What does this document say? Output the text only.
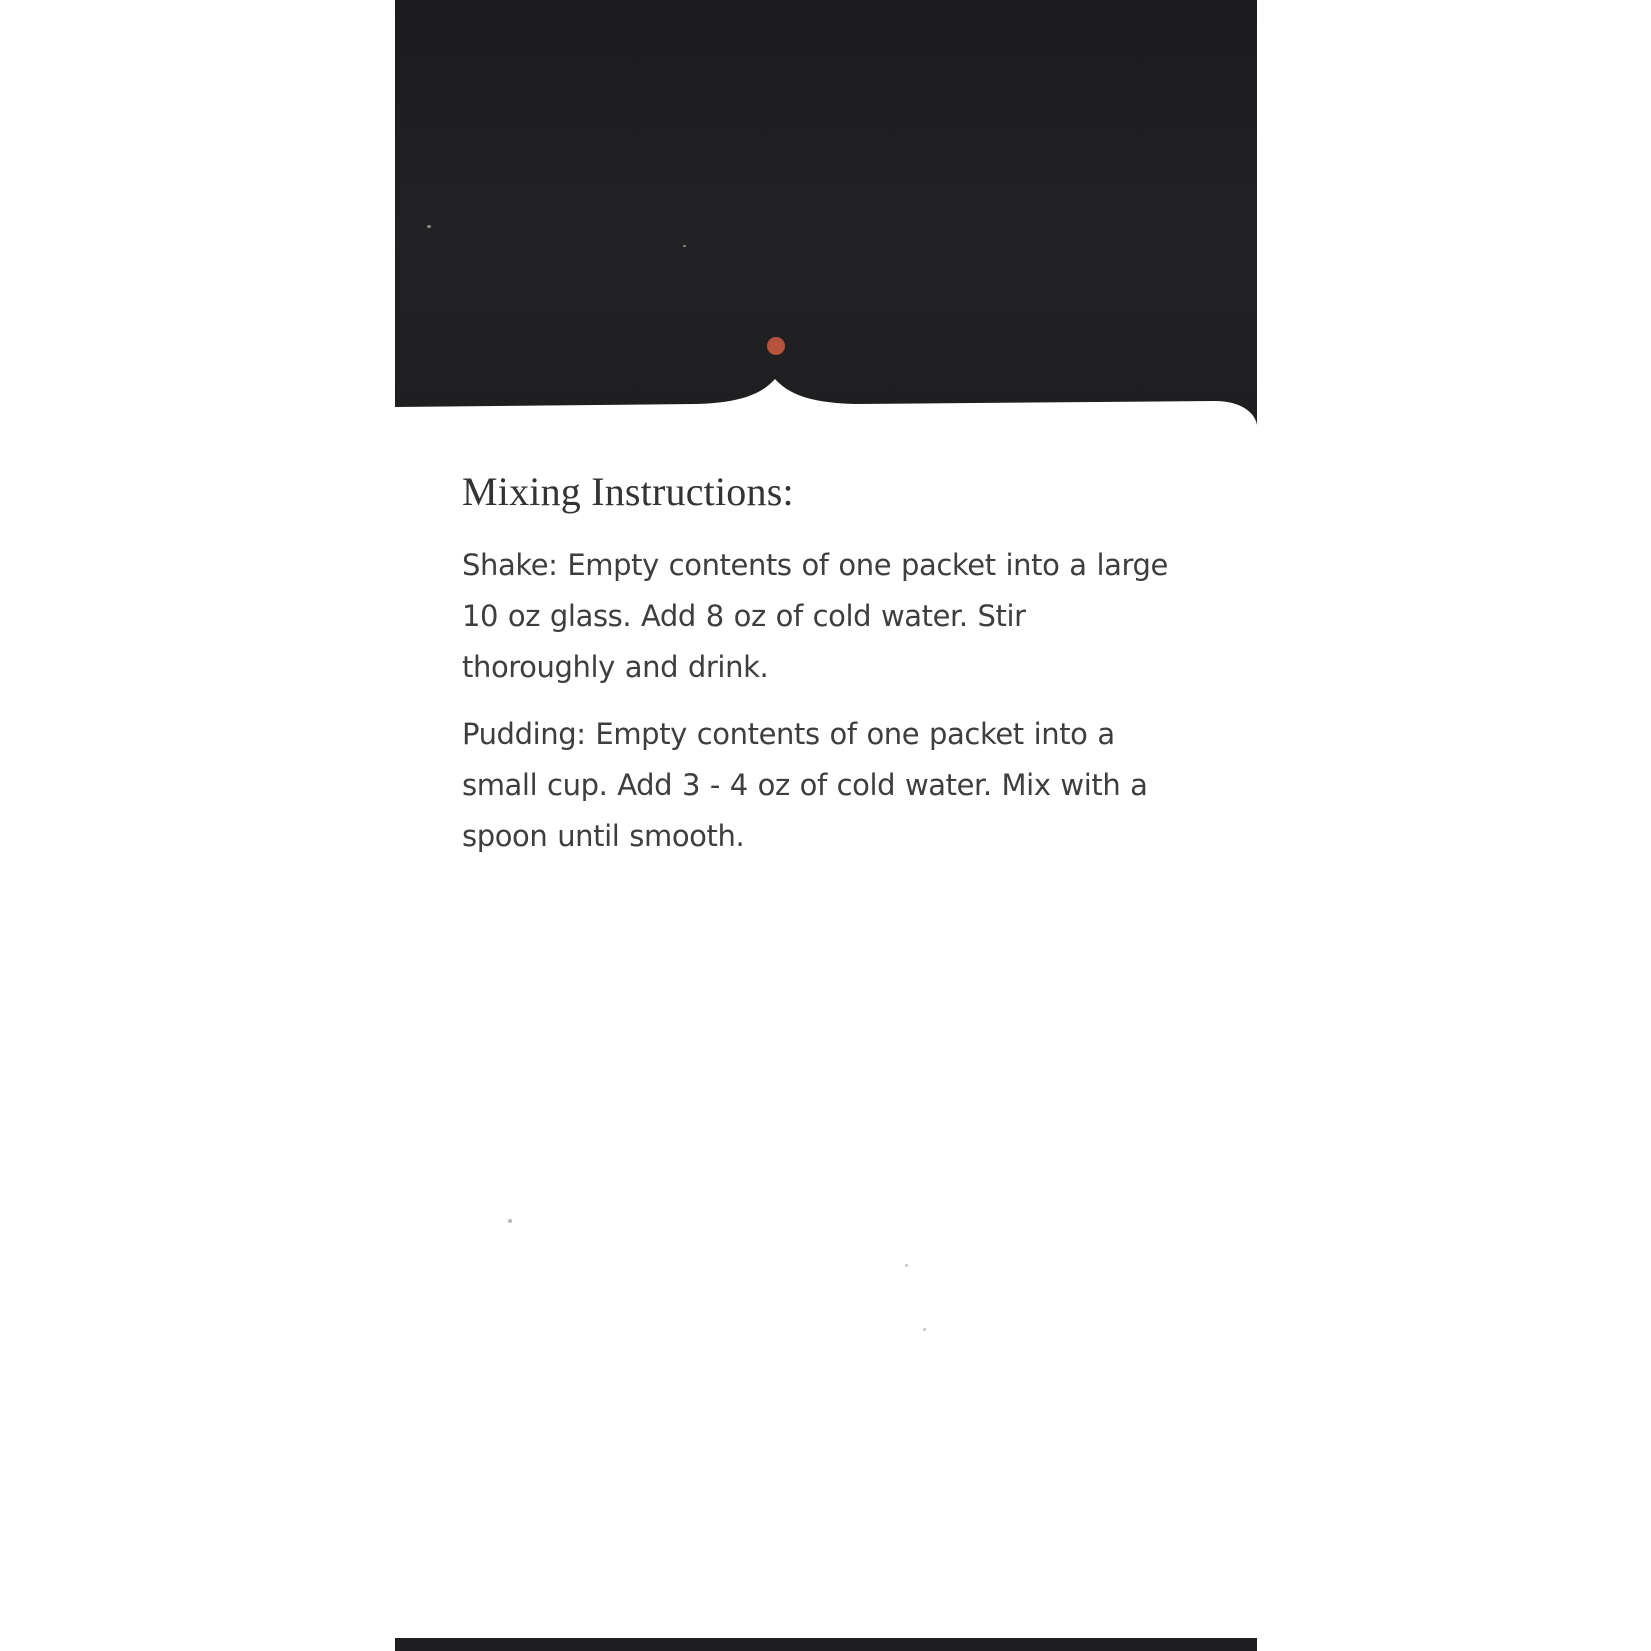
Mixing Instructions:

Shake: Empty contents of one packet into a large 10 oz glass. Add 8 oz of cold water. Stir thoroughly and drink.

Pudding: Empty contents of one packet into a small cup. Add 3 - 4 oz of cold water. Mix with a spoon until smooth.
